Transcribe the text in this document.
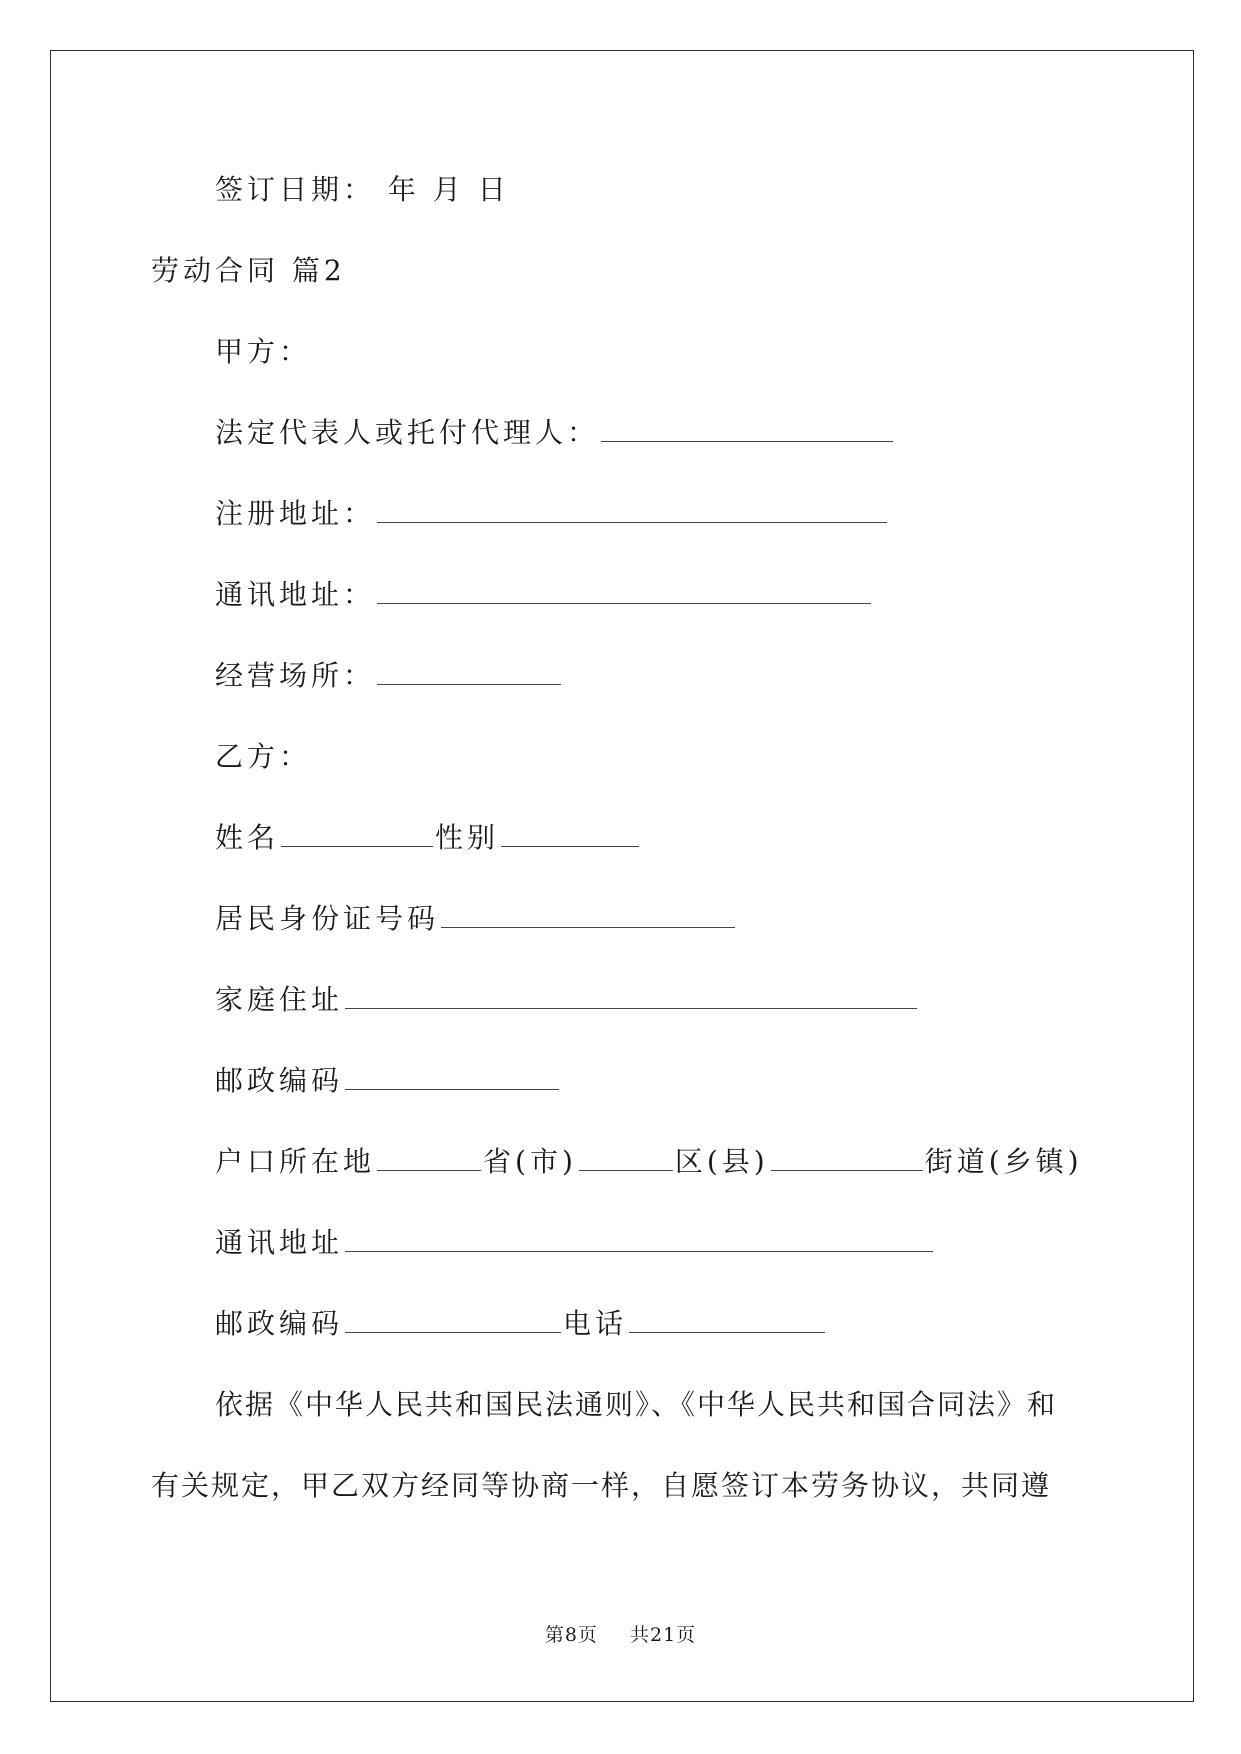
签订日期： 年 月 日
劳动合同 篇2
甲方：
法定代表人或托付代理人：
注册地址：
通讯地址：
经营场所：
乙方：
姓名	性别
居民身份证号码
家庭住址
邮政编码
户口所在地	省(市)	区(县)	街道(乡镇)
通讯地址
邮政编码	电话
依据《中华人民共和国民法通则》、《中华人民共和国合同法》和
有关规定，甲乙双方经同等协商一样，自愿签订本劳务协议，共同遵
第8页 共21页
